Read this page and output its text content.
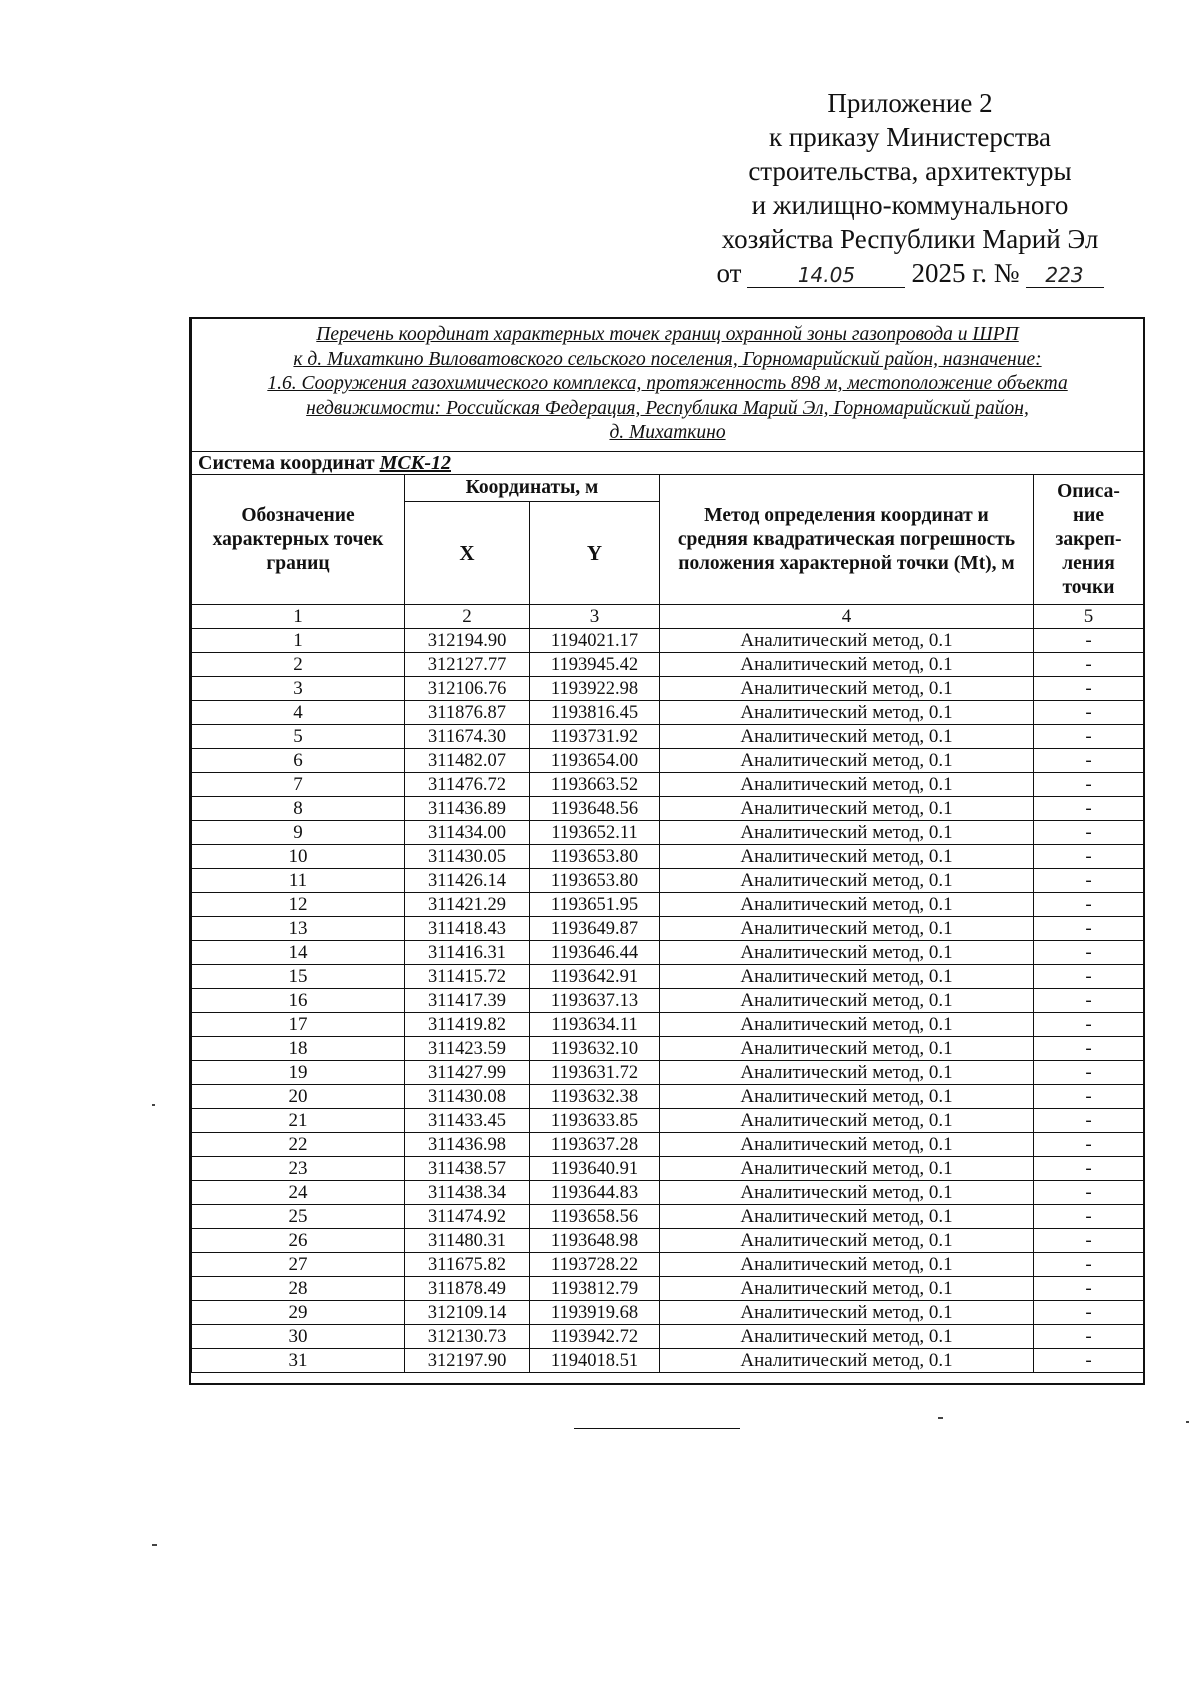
Приложение 2
к приказу Министерства
строительства, архитектуры
и жилищно-коммунального
хозяйства Республики Марий Эл
от	14.05	2025 г. №	223
Перечень координат характерных точек границ охранной зоны газопровода и ШРП
к д. Михаткино Виловатовского сельского поселения, Горномарийский район, назначение:
1.6. Сооружения газохимического комплекса, протяженность 898 м, местоположение объекта
недвижимости: Российская Федерация, Республика Марий Эл, Горномарийский район,
д. Михаткино				

Система координат МСК-12				
Обозначение характерных точек границ	Координаты, м		Метод определения координат и средняя квадратическая погрешность положения характерной точки (Mt), м	Описа-ние закреп-ления точки
	X	Y		
1	2	3	4	5
1	312194.90	1194021.17	Аналитический метод, 0.1	-
2	312127.77	1193945.42	Аналитический метод, 0.1	-
3	312106.76	1193922.98	Аналитический метод, 0.1	-
4	311876.87	1193816.45	Аналитический метод, 0.1	-
5	311674.30	1193731.92	Аналитический метод, 0.1	-
6	311482.07	1193654.00	Аналитический метод, 0.1	-
7	311476.72	1193663.52	Аналитический метод, 0.1	-
8	311436.89	1193648.56	Аналитический метод, 0.1	-
9	311434.00	1193652.11	Аналитический метод, 0.1	-
10	311430.05	1193653.80	Аналитический метод, 0.1	-
11	311426.14	1193653.80	Аналитический метод, 0.1	-
12	311421.29	1193651.95	Аналитический метод, 0.1	-
13	311418.43	1193649.87	Аналитический метод, 0.1	-
14	311416.31	1193646.44	Аналитический метод, 0.1	-
15	311415.72	1193642.91	Аналитический метод, 0.1	-
16	311417.39	1193637.13	Аналитический метод, 0.1	-
17	311419.82	1193634.11	Аналитический метод, 0.1	-
18	311423.59	1193632.10	Аналитический метод, 0.1	-
19	311427.99	1193631.72	Аналитический метод, 0.1	-
20	311430.08	1193632.38	Аналитический метод, 0.1	-
21	311433.45	1193633.85	Аналитический метод, 0.1	-
22	311436.98	1193637.28	Аналитический метод, 0.1	-
23	311438.57	1193640.91	Аналитический метод, 0.1	-
24	311438.34	1193644.83	Аналитический метод, 0.1	-
25	311474.92	1193658.56	Аналитический метод, 0.1	-
26	311480.31	1193648.98	Аналитический метод, 0.1	-
27	311675.82	1193728.22	Аналитический метод, 0.1	-
28	311878.49	1193812.79	Аналитический метод, 0.1	-
29	312109.14	1193919.68	Аналитический метод, 0.1	-
30	312130.73	1193942.72	Аналитический метод, 0.1	-
31	312197.90	1194018.51	Аналитический метод, 0.1	-
